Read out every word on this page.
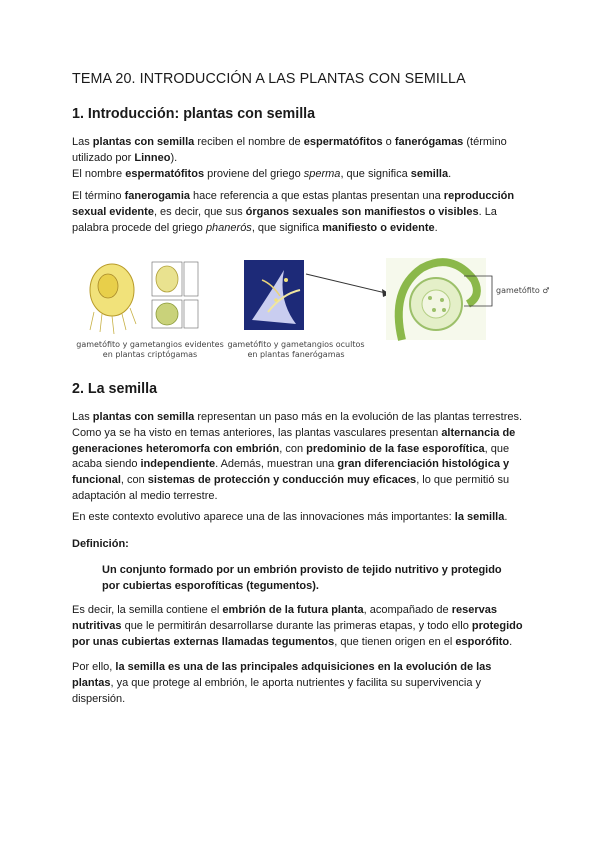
TEMA 20. INTRODUCCIÓN A LAS PLANTAS CON SEMILLA
1. Introducción: plantas con semilla

Las plantas con semilla reciben el nombre de espermatófitos o fanerógamas (término utilizado por Linneo).
El nombre espermatófitos proviene del griego sperma, que significa semilla.

El término fanerogamia hace referencia a que estas plantas presentan una reproducción sexual evidente, es decir, que sus órganos sexuales son manifiestos o visibles. La palabra procede del griego phanerós, que significa manifiesto o evidente.

gametófito y gametangios evidentes en plantas criptógamas
gametófito y gametangios ocultos en plantas fanerógamas
gametófito ♂
2. La semilla

Las plantas con semilla representan un paso más en la evolución de las plantas terrestres. Como ya se ha visto en temas anteriores, las plantas vasculares presentan alternancia de generaciones heteromorfa con embrión, con predominio de la fase esporofítica, que acaba siendo independiente. Además, muestran una gran diferenciación histológica y funcional, con sistemas de protección y conducción muy eficaces, lo que permitió su adaptación al medio terrestre.

En este contexto evolutivo aparece una de las innovaciones más importantes: la semilla.

Definición:
Un conjunto formado por un embrión provisto de tejido nutritivo y protegido por cubiertas esporofíticas (tegumentos).

Es decir, la semilla contiene el embrión de la futura planta, acompañado de reservas nutritivas que le permitirán desarrollarse durante las primeras etapas, y todo ello protegido por unas cubiertas externas llamadas tegumentos, que tienen origen en el esporófito.

Por ello, la semilla es una de las principales adquisiciones en la evolución de las plantas, ya que protege al embrión, le aporta nutrientes y facilita su supervivencia y dispersión.
